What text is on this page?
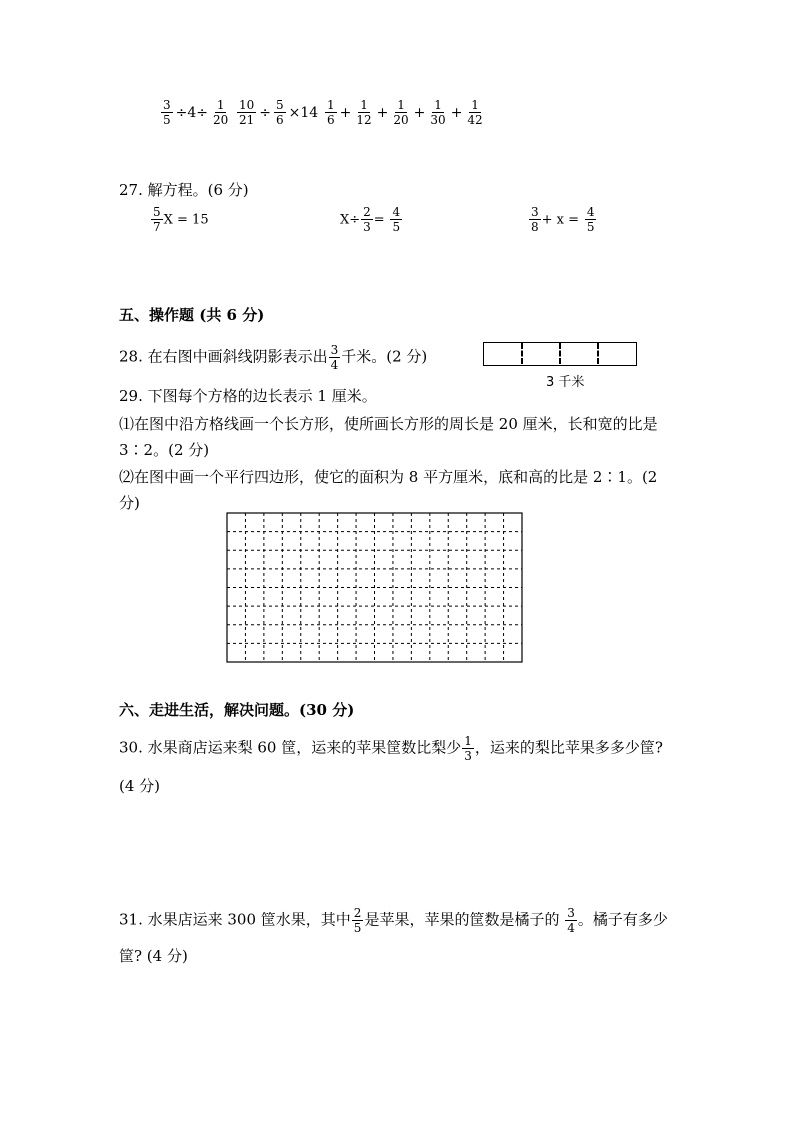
$\frac{3}{5} \div 4\div \frac{1}{20} \frac{10}{21} \div \frac{5}{6} \times 14 \frac{1}{6} + \frac{1}{12} + \frac{1}{20} + \frac{1}{30} + \frac{1}{42}$
27. 解方程。(6 分)
$\frac{5}{7}$ X = 15	$X\div \frac{2}{3} = \frac{4}{5}$	$\frac{3}{8} + x = \frac{4}{5}$
五、操作题 (共 6 分)
28. 在右图中画斜线阴影表示出 $\frac{3}{4}$ 千米。(2 分)
3 千米
29. 下图每个方格的边长表示 1 厘米。
⑴在图中沿方格线画一个长方形，使所画长方形的周长是 20 厘米，长和宽的比是
3∶2。(2 分)
⑵在图中画一个平行四边形，使它的面积为 8 平方厘米，底和高的比是 2∶1。(2
分)
六、走进生活，解决问题。(30 分)
30. 水果商店运来梨 60 筐，运来的苹果筐数比梨少 $\frac{1}{3}$ ，运来的梨比苹果多多少筐?
(4 分)
31. 水果店运来 300 筐水果，其中 $\frac{2}{5}$ 是苹果，苹果的筐数是橘子的 $\frac{3}{4}$ 。橘子有多少
筐? (4 分)
